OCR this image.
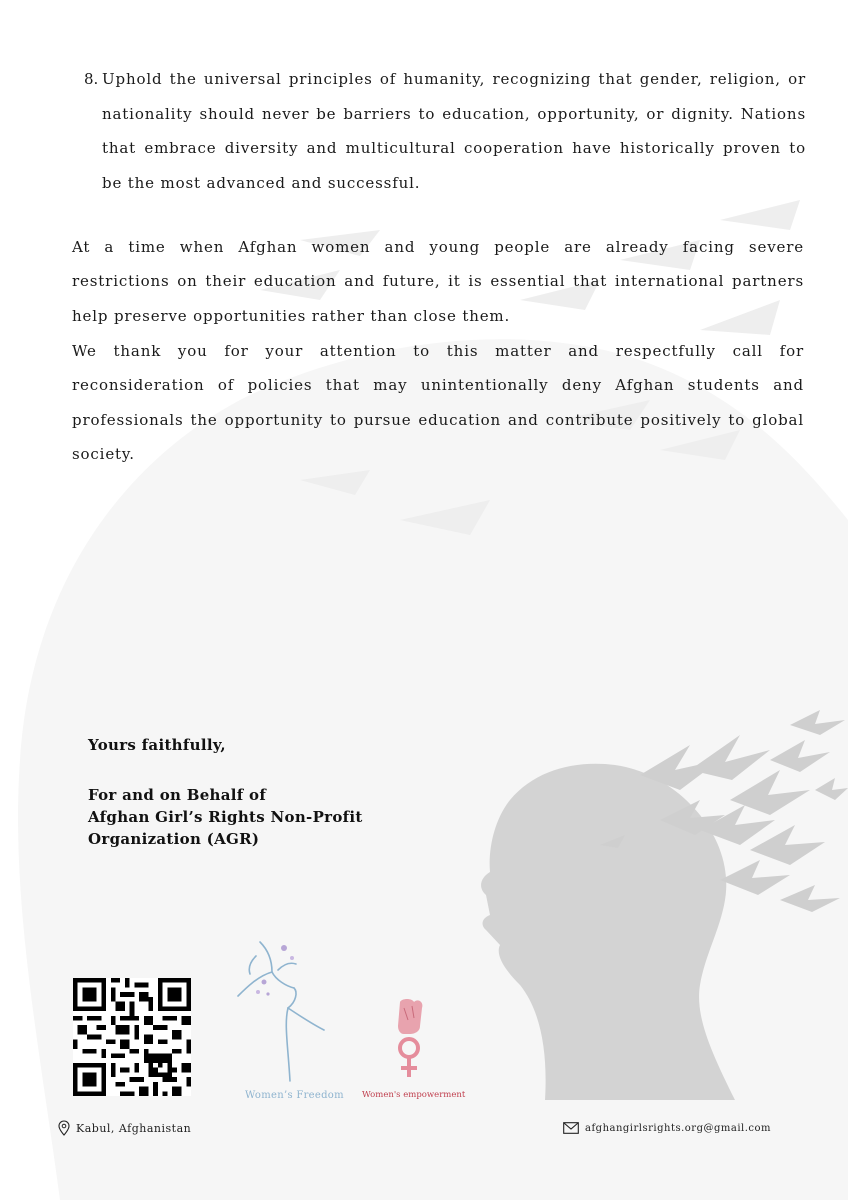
8. Uphold the universal principles of humanity, recognizing that gender, religion, or nationality should never be barriers to education, opportunity, or dignity. Nations that embrace diversity and multicultural cooperation have historically proven to be the most advanced and successful.
At a time when Afghan women and young people are already facing severe restrictions on their education and future, it is essential that international partners help preserve opportunities rather than close them.
We thank you for your attention to this matter and respectfully call for reconsideration of policies that may unintentionally deny Afghan students and professionals the opportunity to pursue education and contribute positively to global society.
Yours faithfully,
For and on Behalf of
Afghan Girl’s Rights Non-Profit
Organization (AGR)
Women’s Freedom Women's empowerment
Kabul, Afghanistan	afghangirlsrights.org@gmail.com
